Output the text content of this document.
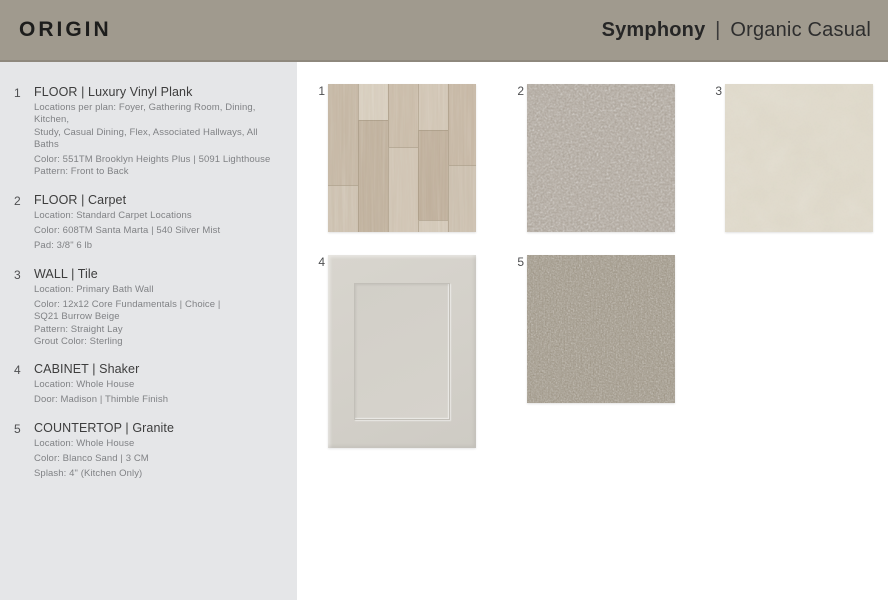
ORIGIN	Symphony | Organic Casual
1	FLOOR | Luxury Vinyl Plank
Locations per plan: Foyer, Gathering Room, Dining, Kitchen,
Study, Casual Dining, Flex, Associated Hallways, All Baths
Color: 551TM Brooklyn Heights Plus | 5091 Lighthouse
Pattern: Front to Back
2	FLOOR | Carpet
Location: Standard Carpet Locations
Color: 608TM Santa Marta | 540 Silver Mist
Pad: 3/8" 6 lb
3	WALL | Tile
Location: Primary Bath Wall
Color: 12x12 Core Fundamentals | Choice |
SQ21 Burrow Beige
Pattern: Straight Lay
Grout Color: Sterling
4	CABINET | Shaker
Location: Whole House
Door: Madison | Thimble Finish
5	COUNTERTOP | Granite
Location: Whole House
Color: Blanco Sand | 3 CM
Splash: 4" (Kitchen Only)
1	2	3
4	5
